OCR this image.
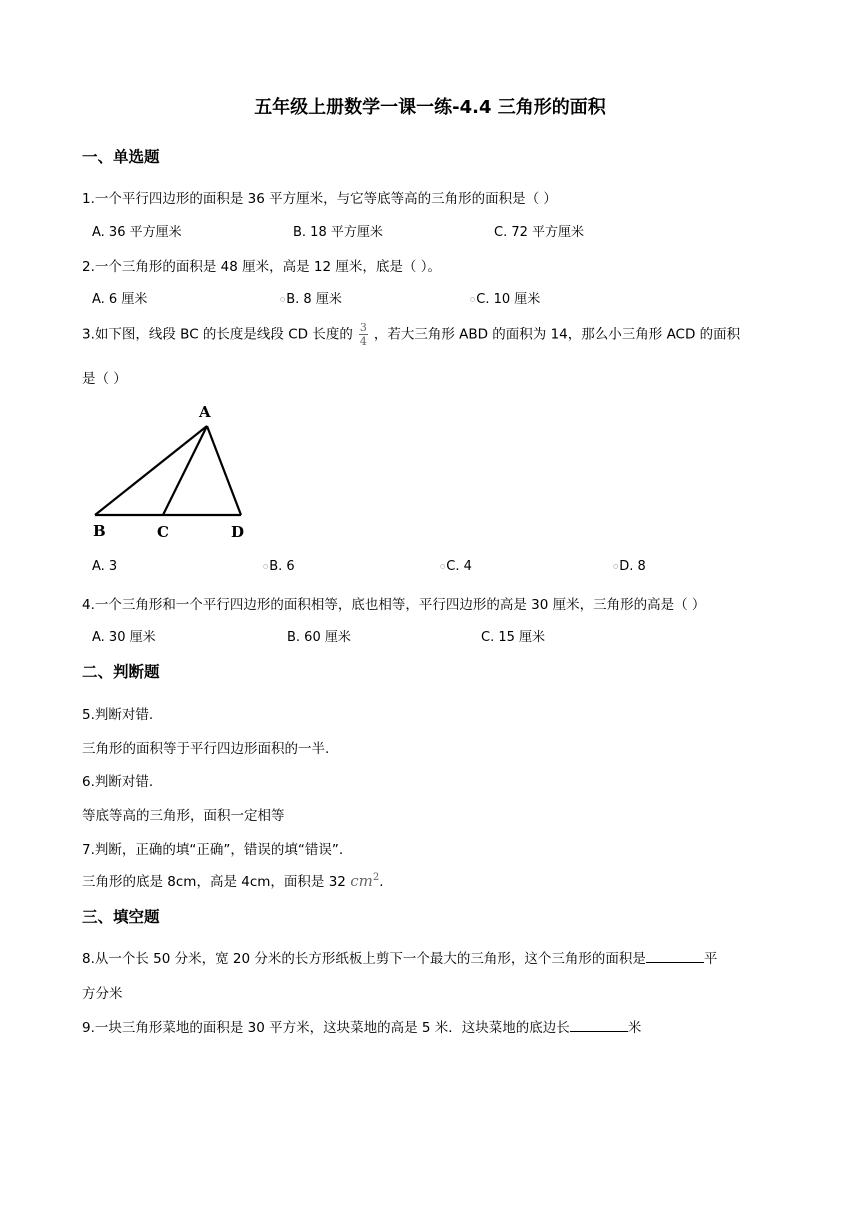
五年级上册数学一课一练-4.4 三角形的面积
一、单选题
1.一个平行四边形的面积是 36 平方厘米，与它等底等高的三角形的面积是（ ）
A. 36 平方厘米	B. 18 平方厘米	C. 72 平方厘米
2.一个三角形的面积是 48 厘米，高是 12 厘米，底是（ ）。
A. 6 厘米	○B. 8 厘米	○C. 10 厘米
3.如下图，线段 BC 的长度是线段 CD 长度的 $\frac{3}{4}$ ，若大三角形 ABD 的面积为 14，那么小三角形 ACD 的面积
是（ ）
A
B	C	D
A. 3	○B. 6	○C. 4	○D. 8
4.一个三角形和一个平行四边形的面积相等，底也相等，平行四边形的高是 30 厘米，三角形的高是（ ）
A. 30 厘米	B. 60 厘米	C. 15 厘米
二、判断题
5.判断对错.
三角形的面积等于平行四边形面积的一半.
6.判断对错.
等底等高的三角形，面积一定相等
7.判断，正确的填“正确”，错误的填“错误”.
三角形的底是 8cm，高是 4cm，面积是 32 $cm^2$.
三、填空题
8.从一个长 50 分米，宽 20 分米的长方形纸板上剪下一个最大的三角形，这个三角形的面积是	平
方分米
9.一块三角形菜地的面积是 30 平方米，这块菜地的高是 5 米．这块菜地的底边长	米
